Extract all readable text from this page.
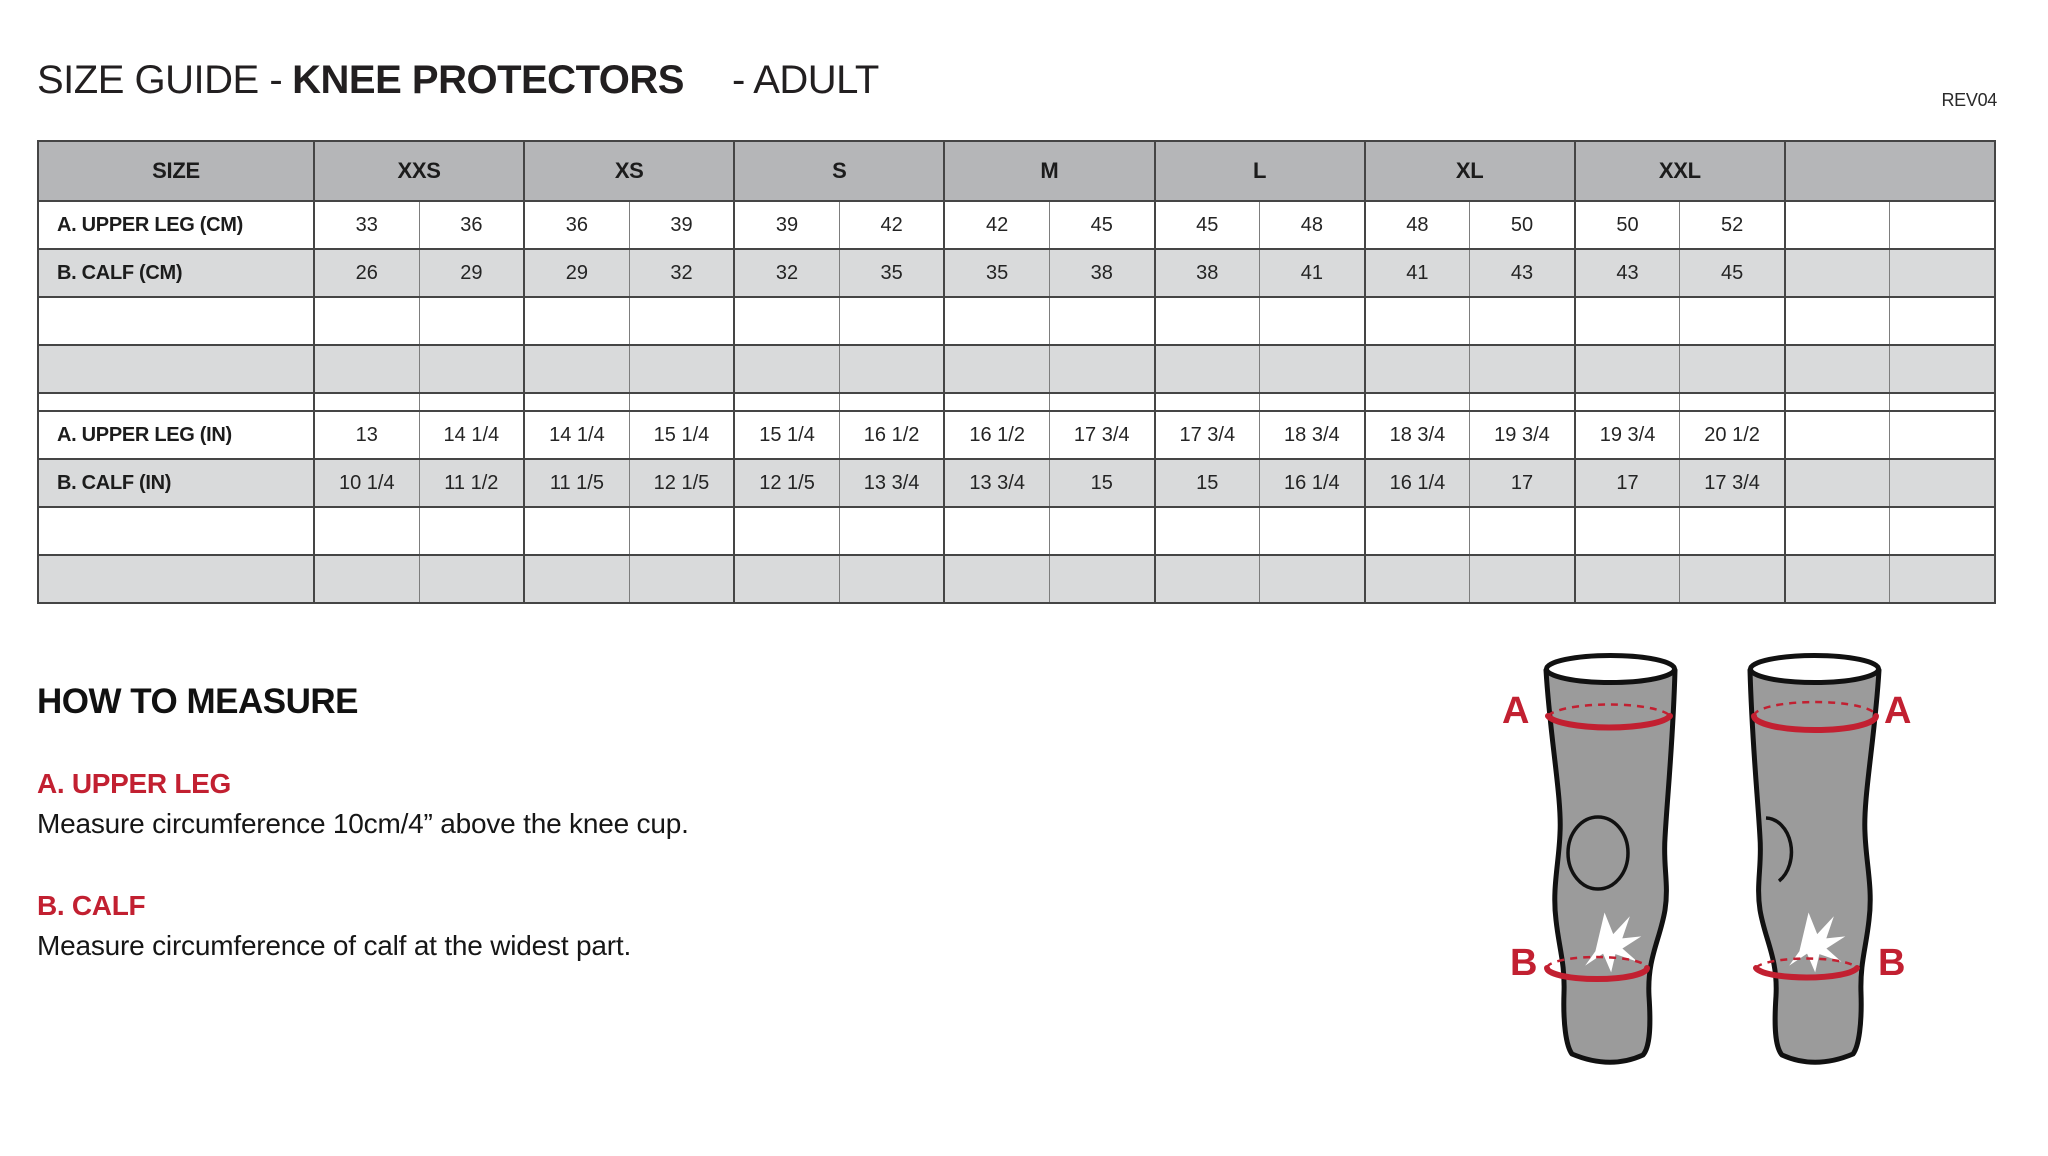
SIZE GUIDE - KNEE PROTECTORS - ADULT	REV04
SIZE	XXS		XS		S		M		L		XL		XXL			
A. UPPER LEG (CM)	33	36	36	39	39	42	42	45	45	48	48	50	50	52		
B. CALF (CM)	26	29	29	32	32	35	35	38	38	41	41	43	43	45		

A. UPPER LEG (IN)	13	14 1/4	14 1/4	15 1/4	15 1/4	16 1/2	16 1/2	17 3/4	17 3/4	18 3/4	18 3/4	19 3/4	19 3/4	20 1/2		
B. CALF (IN)	10 1/4	11 1/2	11 1/5	12 1/5	12 1/5	13 3/4	13 3/4	15	15	16 1/4	16 1/4	17	17	17 3/4		

HOW TO MEASURE
A. UPPER LEG
Measure circumference 10cm/4” above the knee cup.
B. CALF
Measure circumference of calf at the widest part.
A	A
B	B
